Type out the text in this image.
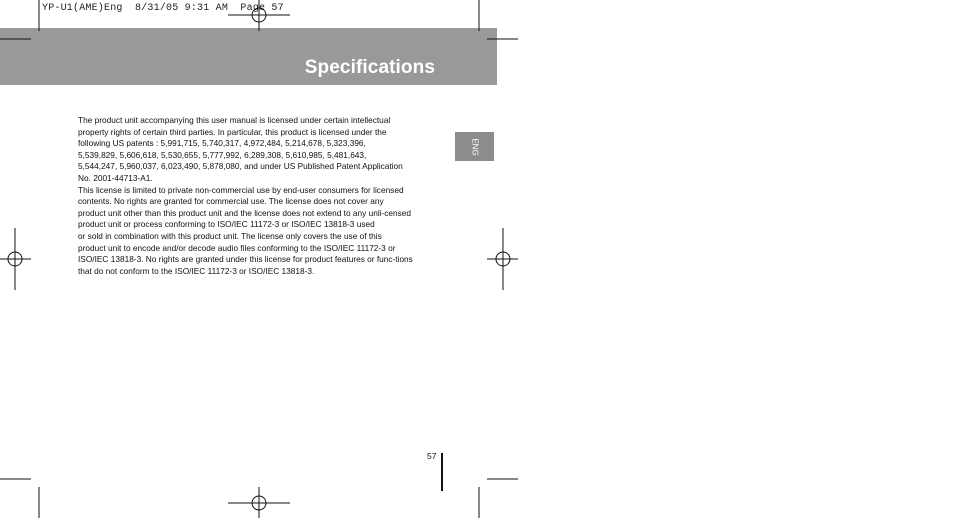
YP-U1(AME)Eng  8/31/05 9:31 AM  Page 57
Specifications
ENG

The product unit accompanying this user manual is licensed under certain intellectual
property rights of certain third parties. In particular, this product is licensed under the
following US patents : 5,991,715, 5,740,317, 4,972,484, 5,214,678, 5,323,396,
5,539,829, 5,606,618, 5,530,655, 5,777,992, 6,289,308, 5,610,985, 5,481,643,
5,544,247, 5,960,037, 6,023,490, 5,878,080, and under US Published Patent Application
No. 2001-44713-A1.

This license is limited to private non-commercial use by end-user consumers for licensed
contents. No rights are granted for commercial use. The license does not cover any
product unit other than this product unit and the license does not extend to any unli-censed
product unit or process conforming to ISO/IEC 11172-3 or ISO/IEC 13818-3 used
or sold in combination with this product unit. The license only covers the use of this
product unit to encode and/or decode audio files conforming to the ISO/IEC 11172-3 or
ISO/IEC 13818-3. No rights are granted under this license for product features or func-tions
that do not conform to the ISO/IEC 11172-3 or ISO/IEC 13818-3.

57
